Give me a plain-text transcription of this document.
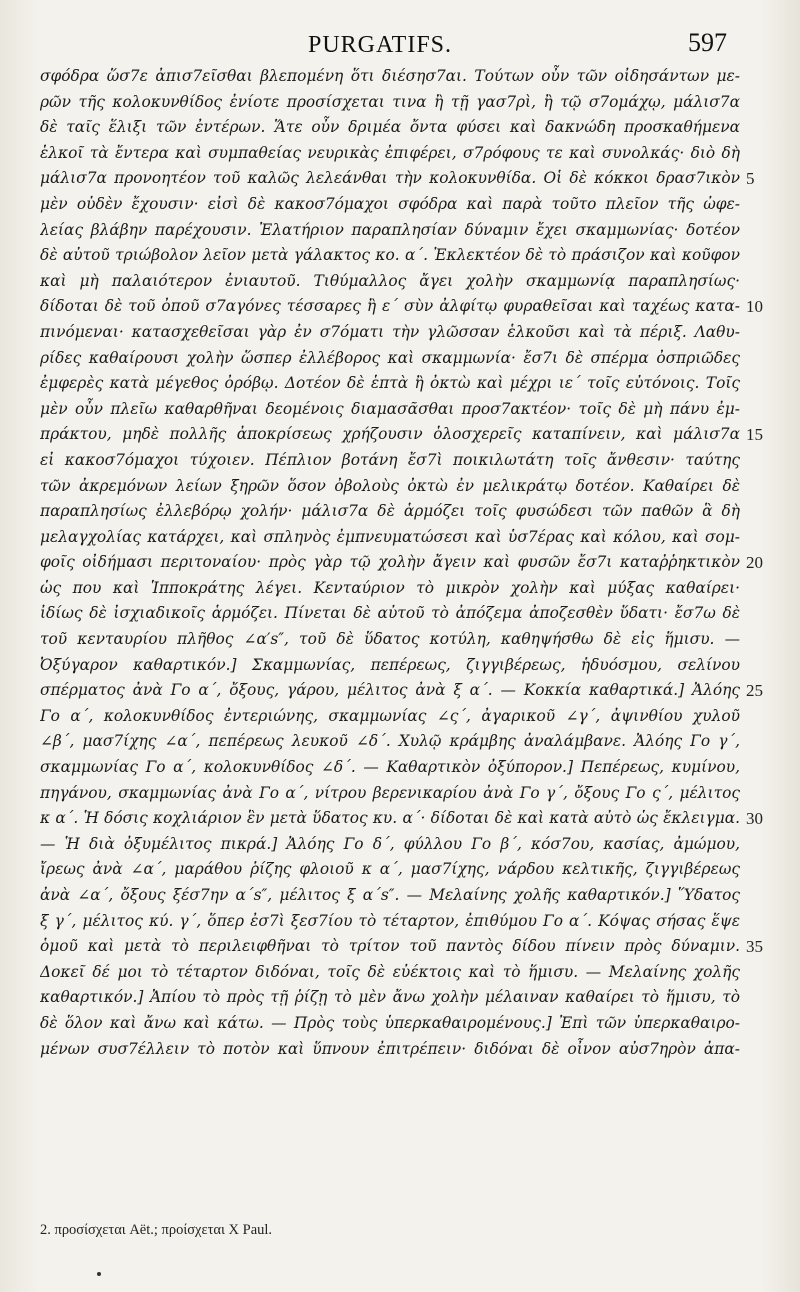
PURGATIFS.	597
σφόδρα ὥσ7ε ἀπισ7εῖσθαι βλεπομένη ὅτι διέσησ7αι. Τούτων οὖν τῶν οἰδησάντων με-
ρῶν τῆς κολοκυνθίδος ἐνίοτε προσίσχεται τινα ἢ τῇ γασ7ρὶ, ἢ τῷ σ7ομάχῳ, μάλισ7α
δὲ ταῖς ἕλιξι τῶν ἐντέρων. Ἅτε οὖν δριμέα ὄντα φύσει καὶ δακνώδη προσκαθήμενα
ἑλκοῖ τὰ ἔντερα καὶ συμπαθείας νευρικὰς ἐπιφέρει, σ7ρόφους τε καὶ συνολκάς· διὸ δὴ
μάλισ7α προνοητέον τοῦ καλῶς λελεάνθαι τὴν κολοκυνθίδα. Οἱ δὲ κόκκοι δρασ7ικὸν
μὲν οὐδὲν ἔχουσιν· εἰσὶ δὲ κακοσ7όμαχοι σφόδρα καὶ παρὰ τοῦτο πλεῖον τῆς ὠφε-
λείας βλάβην παρέχουσιν. Ἐλατήριον παραπλησίαν δύναμιν ἔχει σκαμμωνίας· δοτέον
δὲ αὐτοῦ τριώβολον λεῖον μετὰ γάλακτος κο. α΄. Ἐκλεκτέον δὲ τὸ πράσιζον καὶ κοῦφον
καὶ μὴ παλαιότερον ἐνιαυτοῦ. Τιθύμαλλος ἄγει χολὴν σκαμμωνίᾳ παραπλησίως·
δίδοται δὲ τοῦ ὀποῦ σ7αγόνες τέσσαρες ἢ ε΄ σὺν ἀλφίτῳ φυραθεῖσαι καὶ ταχέως κατα-
πινόμεναι· κατασχεθεῖσαι γὰρ ἐν σ7όματι τὴν γλῶσσαν ἑλκοῦσι καὶ τὰ πέριξ. Λαθυ-
ρίδες καθαίρουσι χολὴν ὥσπερ ἐλλέβορος καὶ σκαμμωνία· ἔσ7ι δὲ σπέρμα ὀσπριῶδες
ἐμφερὲς κατὰ μέγεθος ὀρόβῳ. Δοτέον δὲ ἑπτὰ ἢ ὀκτὼ καὶ μέχρι ιε΄ τοῖς εὐτόνοις. Τοῖς
μὲν οὖν πλεῖω καθαρθῆναι δεομένοις διαμασᾶσθαι προσ7ακτέον· τοῖς δὲ μὴ πάνυ ἐμ-
πράκτου, μηδὲ πολλῆς ἀποκρίσεως χρήζουσιν ὁλοσχερεῖς καταπίνειν, καὶ μάλισ7α
εἰ κακοσ7όμαχοι τύχοιεν. Πέπλιον βοτάνη ἔσ7ὶ ποικιλωτάτη τοῖς ἄνθεσιν· ταύτης
τῶν ἀκρεμόνων λείων ξηρῶν ὅσον ὀβολοὺς ὀκτὼ ἐν μελικράτῳ δοτέον. Καθαίρει δὲ
παραπλησίως ἐλλεβόρῳ χολήν· μάλισ7α δὲ ἁρμόζει τοῖς φυσώδεσι τῶν παθῶν ἃ δὴ
μελαγχολίας κατάρχει, καὶ σπληνὸς ἐμπνευματώσεσι καὶ ὑσ7έρας καὶ κόλου, καὶ σομ-
φοῖς οἰδήμασι περιτοναίου· πρὸς γὰρ τῷ χολὴν ἄγειν καὶ φυσῶν ἔσ7ι καταῤῥηκτικὸν
ὡς που καὶ Ἱπποκράτης λέγει. Κενταύριον τὸ μικρὸν χολὴν καὶ μύξας καθαίρει·
ἰδίως δὲ ἰσχιαδικοῖς ἁρμόζει. Πίνεται δὲ αὐτοῦ τὸ ἀπόζεμα ἀποζεσθὲν ὕδατι· ἔσ7ω δὲ
τοῦ κενταυρίου πλῆθος ∠α′s″, τοῦ δὲ ὕδατος κοτύλη, καθηψήσθω δὲ εἰς ἥμισυ. —
Ὀξύγαρον καθαρτικόν.] Σκαμμωνίας, πεπέρεως, ζιγγιβέρεως, ἡδυόσμου, σελίνου
σπέρματος ἀνὰ Γο α΄, ὄξους, γάρου, μέλιτος ἀνὰ ξ α΄. — Κοκκία καθαρτικά.] Ἀλόης
Γο α΄, κολοκυνθίδος ἐντεριώνης, σκαμμωνίας ∠ς΄, ἀγαρικοῦ ∠γ΄, ἀψινθίου χυλοῦ
∠β΄, μασ7ίχης ∠α΄, πεπέρεως λευκοῦ ∠δ΄. Χυλῷ κράμβης ἀναλάμβανε. Ἀλόης Γο γ΄,
σκαμμωνίας Γο α΄, κολοκυνθίδος ∠δ΄. — Καθαρτικὸν ὀξύπορον.] Πεπέρεως, κυμίνου,
πηγάνου, σκαμμωνίας ἀνὰ Γο α΄, νίτρου βερενικαρίου ἀνὰ Γο γ΄, ὄξους Γο ς΄, μέλιτος
κ α΄. Ἡ δόσις κοχλιάριον ἓν μετὰ ὕδατος κυ. α΄· δίδοται δὲ καὶ κατὰ αὐτὸ ὡς ἔκλειγμα.
— Ἡ διὰ ὀξυμέλιτος πικρά.] Ἀλόης Γο δ΄, φύλλου Γο β΄, κόσ7ου, κασίας, ἀμώμου,
ἴρεως ἀνὰ ∠α΄, μαράθου ῥίζης φλοιοῦ κ α΄, μασ7ίχης, νάρδου κελτικῆς, ζιγγιβέρεως
ἀνὰ ∠α΄, ὄξους ξέσ7ην α΄s″, μέλιτος ξ α΄s″. — Μελαίνης χολῆς καθαρτικόν.] Ὕδατος
ξ γ΄, μέλιτος κύ. γ΄, ὅπερ ἐσ7ὶ ξεσ7ίου τὸ τέταρτον, ἐπιθύμου Γο α΄. Κόψας σήσας ἕψε
ὁμοῦ καὶ μετὰ τὸ περιλειφθῆναι τὸ τρίτον τοῦ παντὸς δίδου πίνειν πρὸς δύναμιν.
Δοκεῖ δέ μοι τὸ τέταρτον διδόναι, τοῖς δὲ εὐέκτοις καὶ τὸ ἥμισυ. — Μελαίνης χολῆς
καθαρτικόν.] Ἀπίου τὸ πρὸς τῇ ῥίζῃ τὸ μὲν ἄνω χολὴν μέλαιναν καθαίρει τὸ ἥμισυ, τὸ
δὲ ὅλον καὶ ἄνω καὶ κάτω. — Πρὸς τοὺς ὑπερκαθαιρομένους.] Ἐπὶ τῶν ὑπερκαθαιρο-
μένων συσ7έλλειν τὸ ποτὸν καὶ ὕπνουν ἐπιτρέπειν· διδόναι δὲ οἶνον αὐσ7ηρὸν ἀπα-
5
10
15
20
25
30
35
2. προσίσχεται Aët.; προίσχεται X Paul.
